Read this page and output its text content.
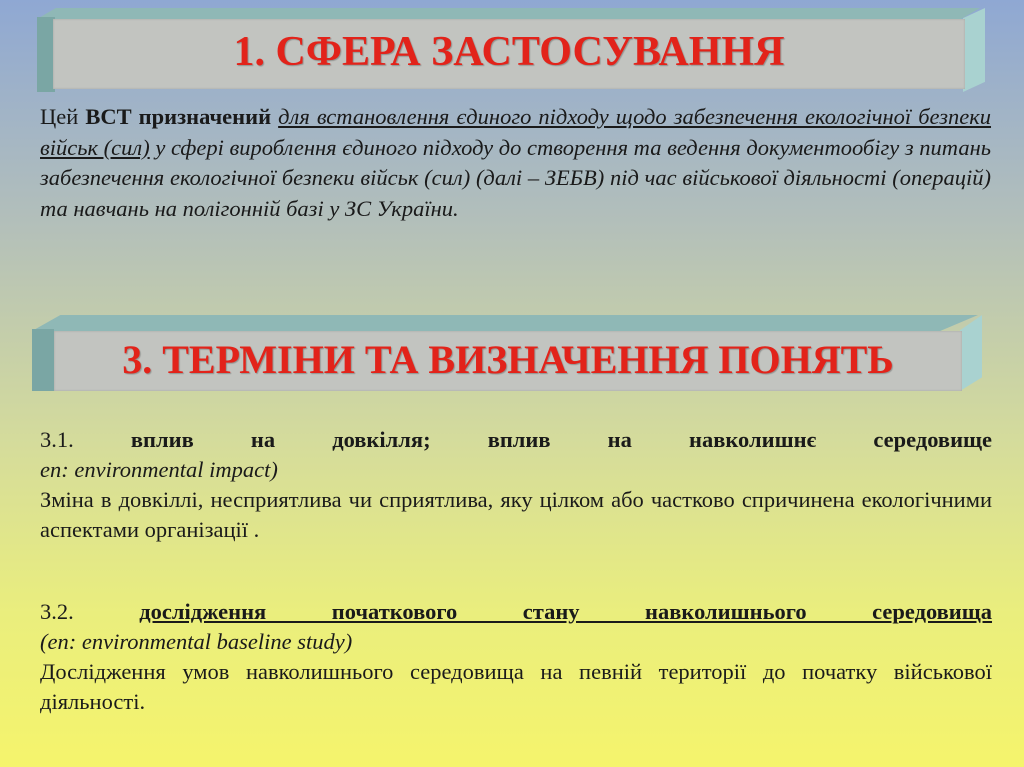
1. СФЕРА ЗАСТОСУВАННЯ
Цей ВСТ призначений для встановлення єдиного підходу щодо забезпечення екологічної безпеки військ (сил) у сфері вироблення єдиного підходу до створення та ведення документообігу з питань забезпечення екологічної безпеки військ (сил) (далі – ЗЕБВ) під час військової діяльності (операцій) та навчань на полігонній базі у ЗС України.
3. ТЕРМІНИ ТА ВИЗНАЧЕННЯ ПОНЯТЬ
3.1.	вплив на довкілля; вплив на навколишнє середовище
en: environmental impact)
Зміна в довкіллі, несприятлива чи сприятлива, яку цілком або частково спричинена екологічними аспектами організації .
3.2.	дослідження початкового стану навколишнього середовища
(en: environmental baseline study)
Дослідження умов навколишнього середовища на певній території до початку військової діяльності.
